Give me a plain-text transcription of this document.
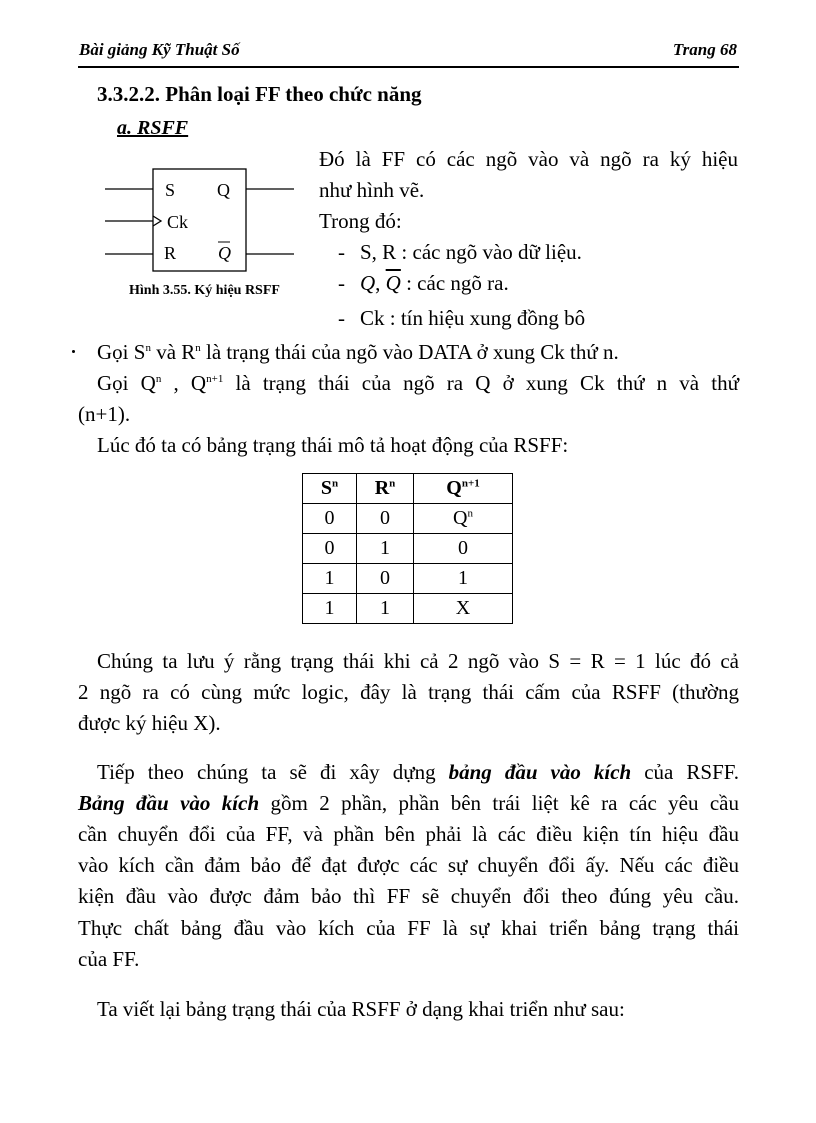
Bài giảng Kỹ Thuật Số	Trang 68
3.3.2.2. Phân loại FF theo chức năng
a. RSFF
S Q
Ck
R Q
Hình 3.55. Ký hiệu RSFF
Đó là FF có các ngõ vào và ngõ ra ký hiệu
như hình vẽ.
Trong đó:
- S, R : các ngõ vào dữ liệu.
- Q, $\overline{Q}$ : các ngõ ra.
- Ck : tín hiệu xung đồng bô
Gọi $S^n$ và $R^n$ là trạng thái của ngõ vào DATA ở xung Ck thứ n.
Gọi $Q^n$ , $Q^{n+1}$ là trạng thái của ngõ ra Q ở xung Ck thứ n và thứ
(n+1).
Lúc đó ta có bảng trạng thái mô tả hoạt động của RSFF:
$S^n$	$R^n$	$Q^{n+1}$
0	0	$Q^n$
0	1	0
1	0	1
1	1	X
Chúng ta lưu ý rằng trạng thái khi cả 2 ngõ vào S = R = 1 lúc đó cả
2 ngõ ra có cùng mức logic, đây là trạng thái cấm của RSFF (thường
được ký hiệu X).
Tiếp theo chúng ta sẽ đi xây dựng bảng đầu vào kích của RSFF.
Bảng đầu vào kích gồm 2 phần, phần bên trái liệt kê ra các yêu cầu
cần chuyển đổi của FF, và phần bên phải là các điều kiện tín hiệu đầu
vào kích cần đảm bảo để đạt được các sự chuyển đổi ấy. Nếu các điều
kiện đầu vào được đảm bảo thì FF sẽ chuyển đổi theo đúng yêu cầu.
Thực chất bảng đầu vào kích của FF là sự khai triển bảng trạng thái
của FF.
Ta viết lại bảng trạng thái của RSFF ở dạng khai triển như sau:
